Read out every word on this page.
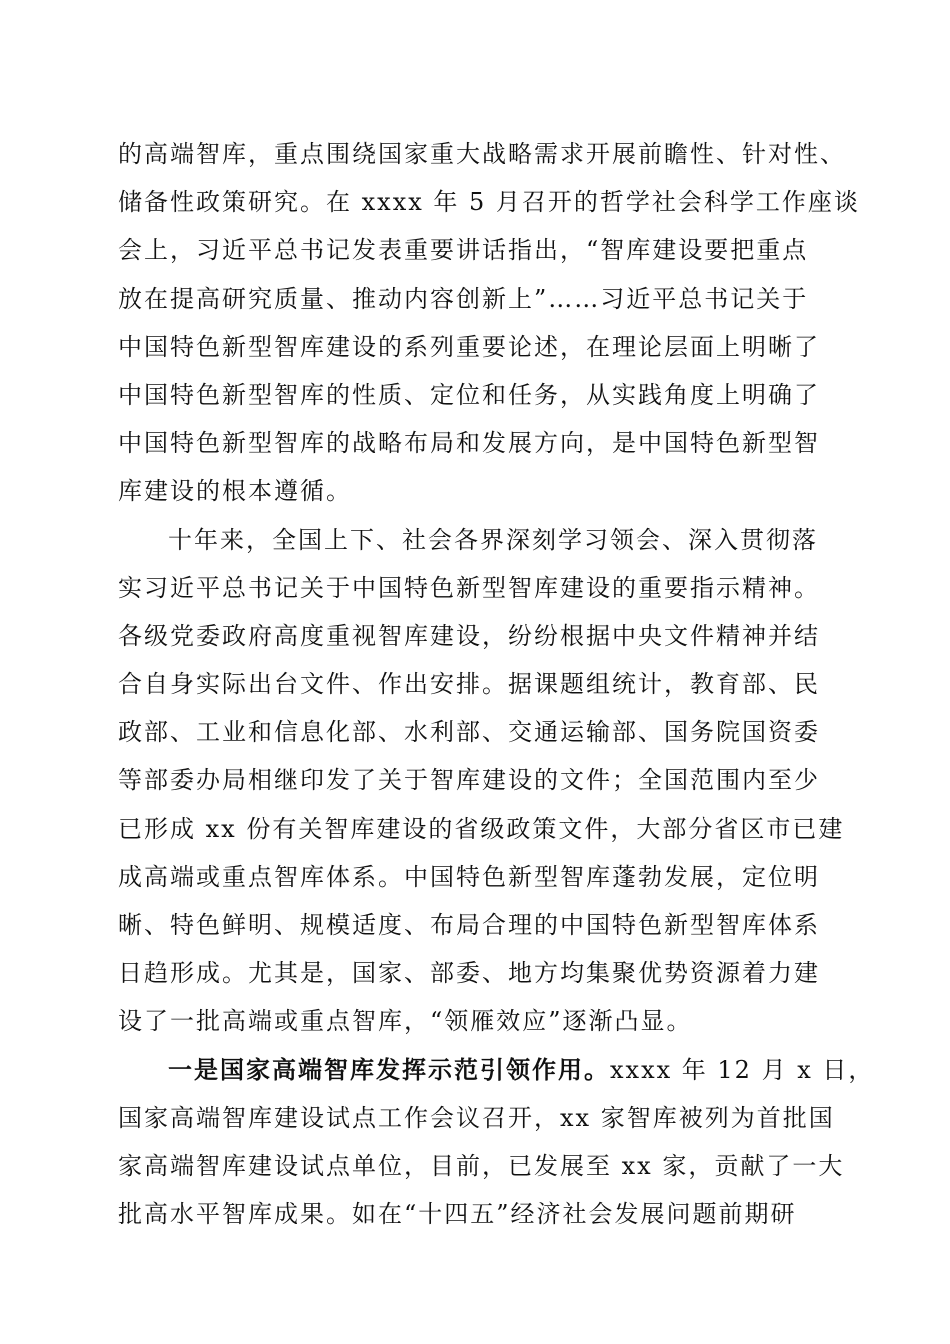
的高端智库，重点围绕国家重大战略需求开展前瞻性、针对性、
储备性政策研究。在 xxxx 年 5 月召开的哲学社会科学工作座谈
会上，习近平总书记发表重要讲话指出，“智库建设要把重点
放在提高研究质量、推动内容创新上”……习近平总书记关于
中国特色新型智库建设的系列重要论述，在理论层面上明晰了
中国特色新型智库的性质、定位和任务，从实践角度上明确了
中国特色新型智库的战略布局和发展方向，是中国特色新型智
库建设的根本遵循。
十年来，全国上下、社会各界深刻学习领会、深入贯彻落
实习近平总书记关于中国特色新型智库建设的重要指示精神。
各级党委政府高度重视智库建设，纷纷根据中央文件精神并结
合自身实际出台文件、作出安排。据课题组统计，教育部、民
政部、工业和信息化部、水利部、交通运输部、国务院国资委
等部委办局相继印发了关于智库建设的文件；全国范围内至少
已形成 xx 份有关智库建设的省级政策文件，大部分省区市已建
成高端或重点智库体系。中国特色新型智库蓬勃发展，定位明
晰、特色鲜明、规模适度、布局合理的中国特色新型智库体系
日趋形成。尤其是，国家、部委、地方均集聚优势资源着力建
设了一批高端或重点智库，“领雁效应”逐渐凸显。
一是国家高端智库发挥示范引领作用。xxxx 年 12 月 x 日，
国家高端智库建设试点工作会议召开，xx 家智库被列为首批国
家高端智库建设试点单位，目前，已发展至 xx 家，贡献了一大
批高水平智库成果。如在“十四五”经济社会发展问题前期研
